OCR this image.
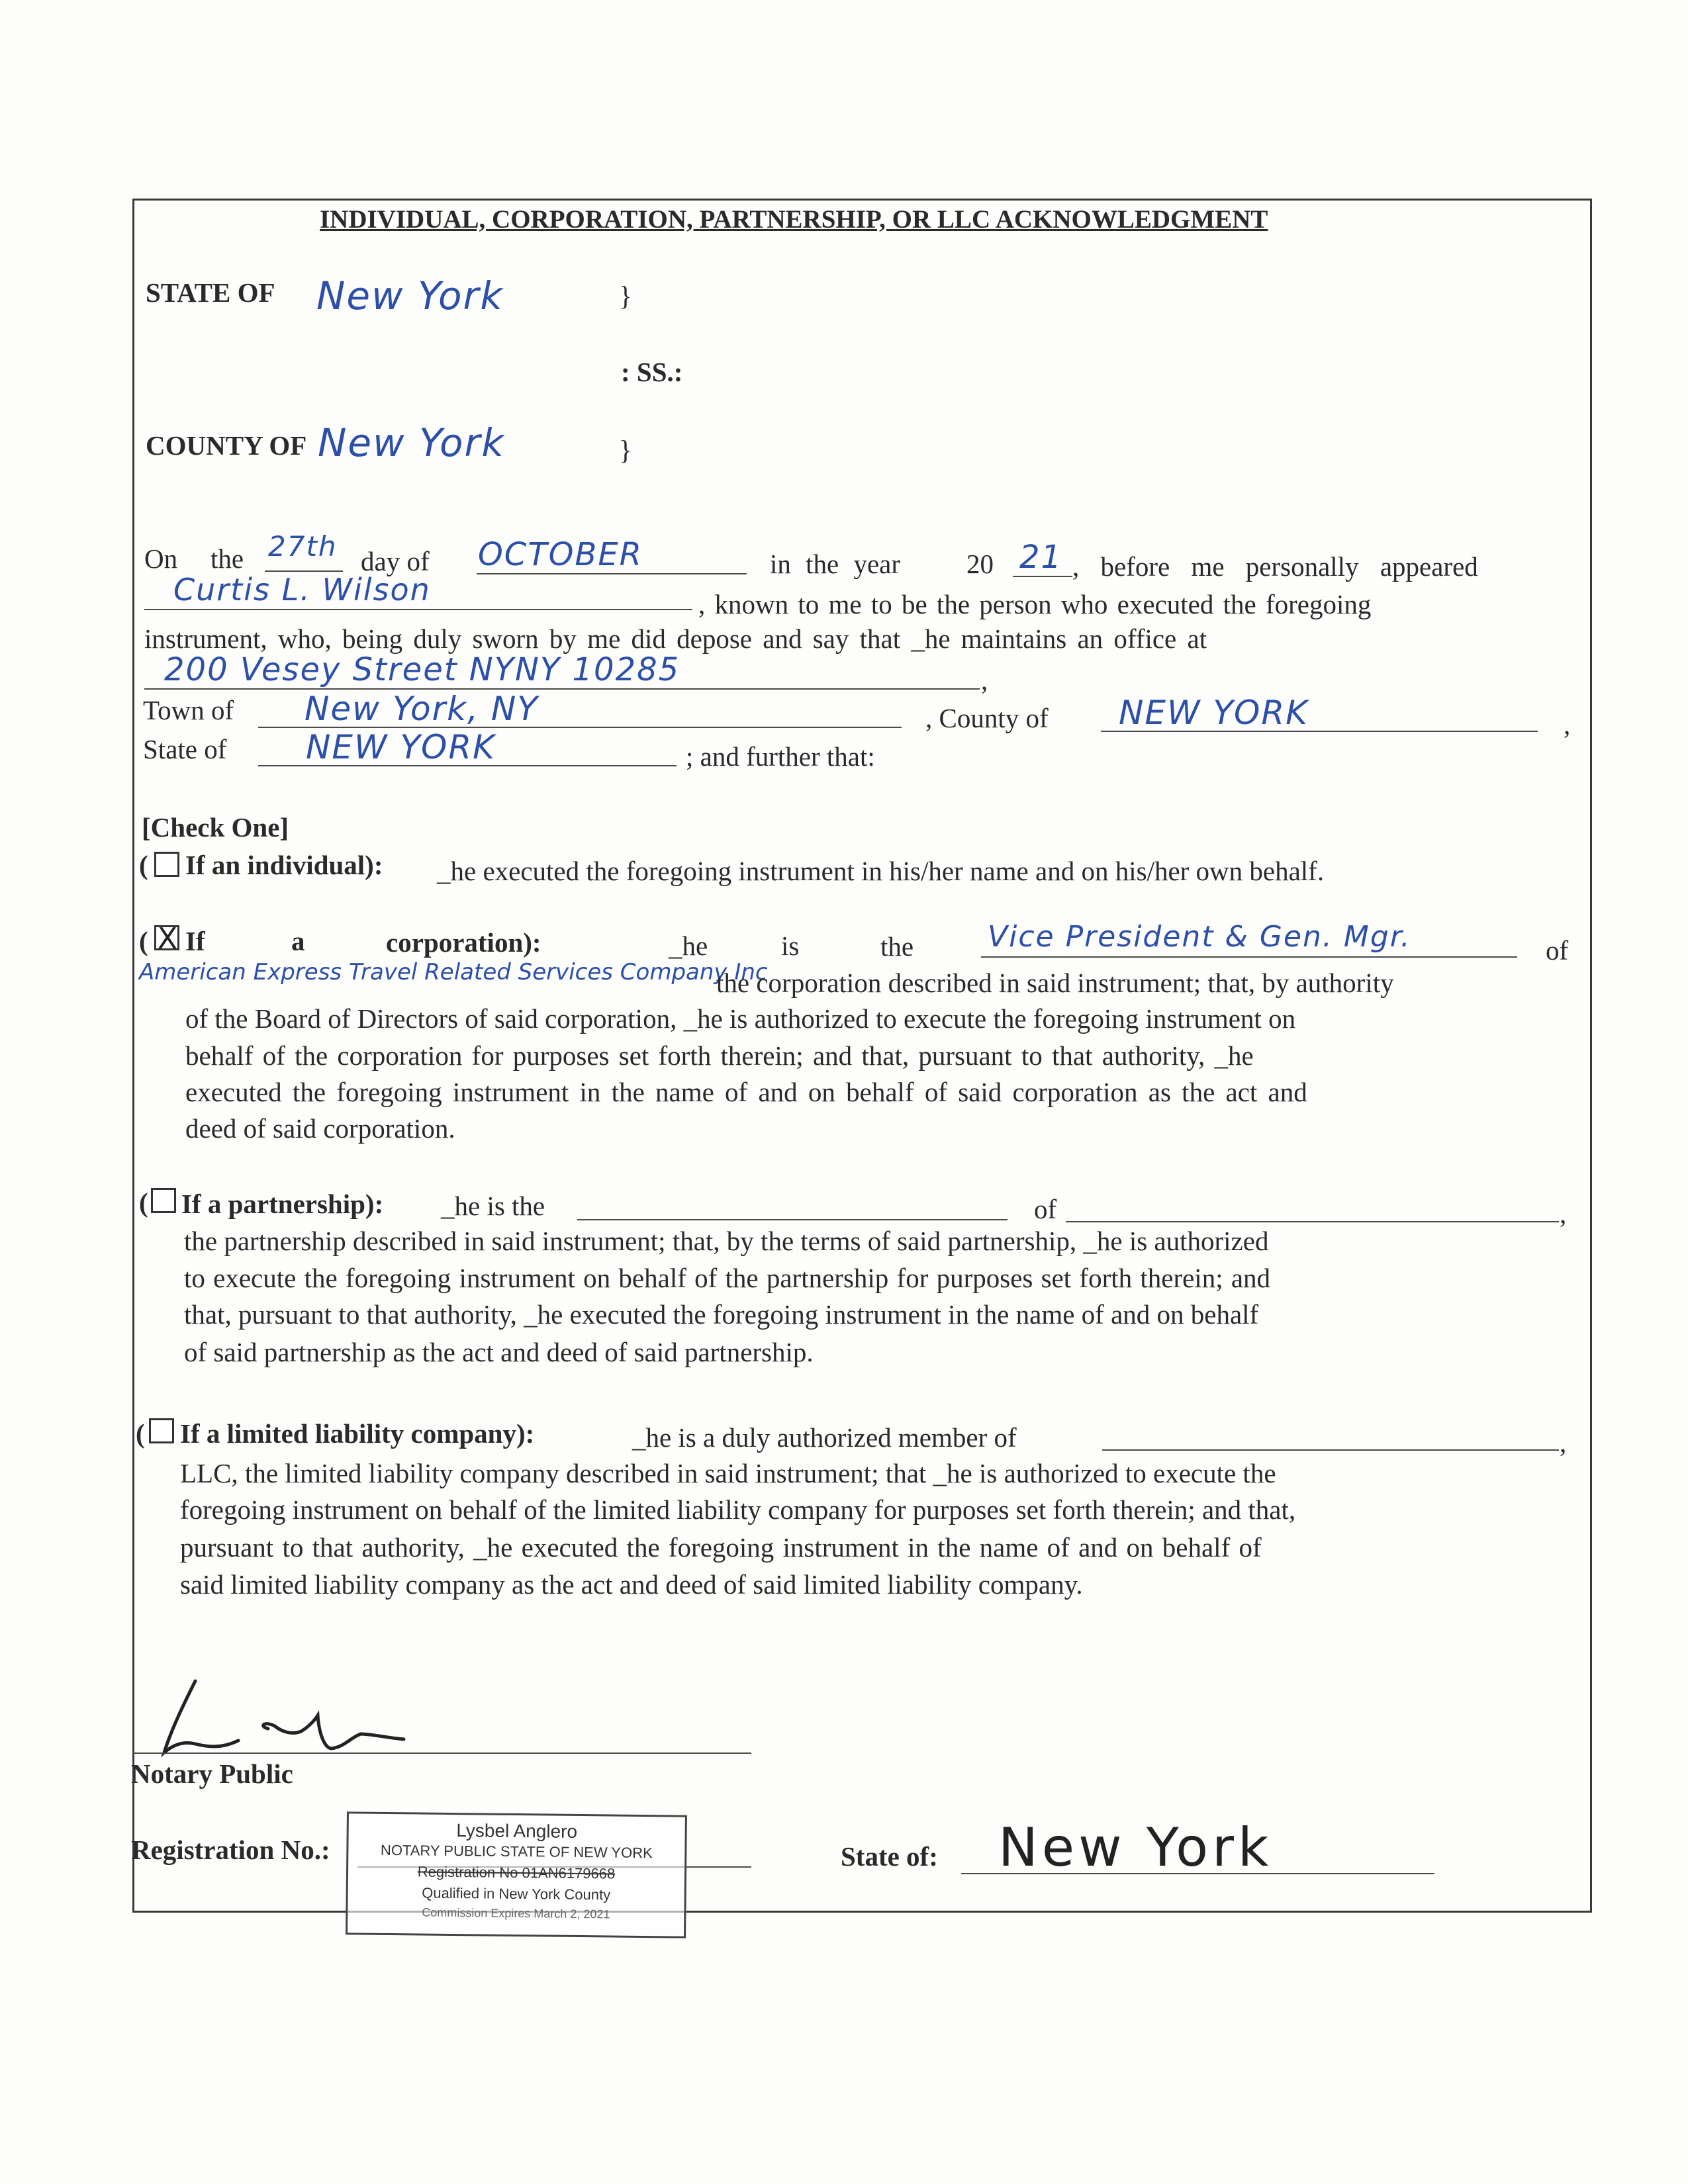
INDIVIDUAL, CORPORATION, PARTNERSHIP, OR LLC ACKNOWLEDGMENT
STATE OF New York	}
: SS.:
COUNTY OF New York	}
On the 27th day of OCTOBER	in the year 20 21 , before me personally appeared
Curtis L. Wilson	, known to me to be the person who executed the foregoing
instrument, who, being duly sworn by me did depose and say that _he maintains an office at
200 Vesey Street NYNY 10285	,
Town of New York, NY	, County of NEW YORK	,
State of NEW YORK	; and further that:
[Check One]
( If an individual): _he executed the foregoing instrument in his/her name and on his/her own behalf.
( X If	a	corporation):	_he	is	the	Vice President & Gen. Mgr.	of
American Express Travel Related Services Company Inc
the corporation described in said instrument; that, by authority
of the Board of Directors of said corporation, _he is authorized to execute the foregoing instrument on
behalf of the corporation for purposes set forth therein; and that, pursuant to that authority, _he
executed the foregoing instrument in the name of and on behalf of said corporation as the act and
deed of said corporation.
( If a partnership): _he is the	of	,
the partnership described in said instrument; that, by the terms of said partnership, _he is authorized
to execute the foregoing instrument on behalf of the partnership for purposes set forth therein; and
that, pursuant to that authority, _he executed the foregoing instrument in the name of and on behalf
of said partnership as the act and deed of said partnership.
( If a limited liability company):	_he is a duly authorized member of	,
LLC, the limited liability company described in said instrument; that _he is authorized to execute the
foregoing instrument on behalf of the limited liability company for purposes set forth therein; and that,
pursuant to that authority, _he executed the foregoing instrument in the name of and on behalf of
said limited liability company as the act and deed of said limited liability company.
Notary Public
Registration No.:
Lysbel Anglero
NOTARY PUBLIC STATE OF NEW YORK
Registration No 01AN6179668
Qualified in New York County
Commission Expires March 2, 2021
State of: New York
